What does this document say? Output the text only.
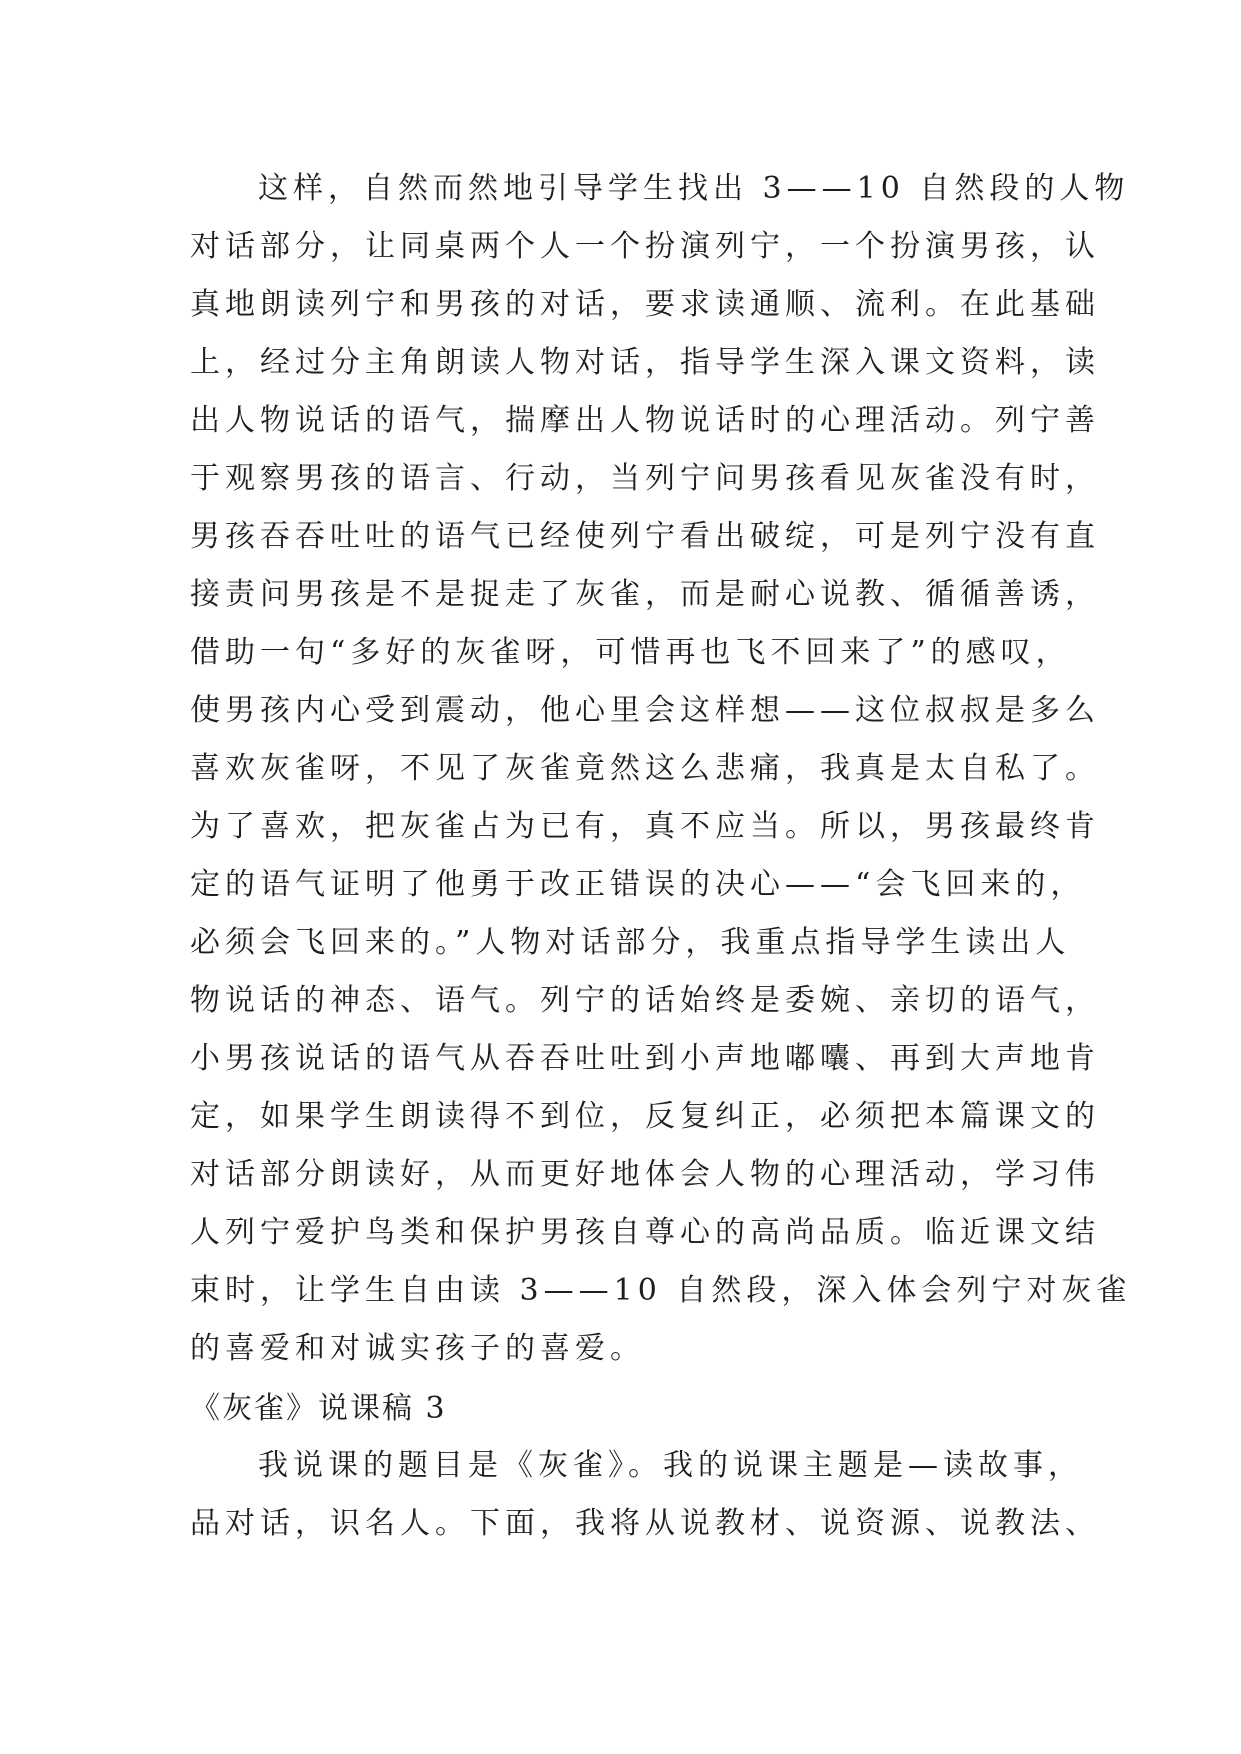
这样，自然而然地引导学生找出 3——10 自然段的人物
对话部分，让同桌两个人一个扮演列宁，一个扮演男孩，认
真地朗读列宁和男孩的对话，要求读通顺、流利。在此基础
上，经过分主角朗读人物对话，指导学生深入课文资料，读
出人物说话的语气，揣摩出人物说话时的心理活动。列宁善
于观察男孩的语言、行动，当列宁问男孩看见灰雀没有时，
男孩吞吞吐吐的语气已经使列宁看出破绽，可是列宁没有直
接责问男孩是不是捉走了灰雀，而是耐心说教、循循善诱，
借助一句“多好的灰雀呀，可惜再也飞不回来了”的感叹，
使男孩内心受到震动，他心里会这样想——这位叔叔是多么
喜欢灰雀呀，不见了灰雀竟然这么悲痛，我真是太自私了。
为了喜欢，把灰雀占为已有，真不应当。所以，男孩最终肯
定的语气证明了他勇于改正错误的决心——“会飞回来的，
必须会飞回来的。”人物对话部分，我重点指导学生读出人
物说话的神态、语气。列宁的话始终是委婉、亲切的语气，
小男孩说话的语气从吞吞吐吐到小声地嘟囔、再到大声地肯
定，如果学生朗读得不到位，反复纠正，必须把本篇课文的
对话部分朗读好，从而更好地体会人物的心理活动，学习伟
人列宁爱护鸟类和保护男孩自尊心的高尚品质。临近课文结
束时，让学生自由读 3——10 自然段，深入体会列宁对灰雀
的喜爱和对诚实孩子的喜爱。
《灰雀》说课稿 3
我说课的题目是《灰雀》。我的说课主题是—读故事，
品对话，识名人。下面，我将从说教材、说资源、说教法、
